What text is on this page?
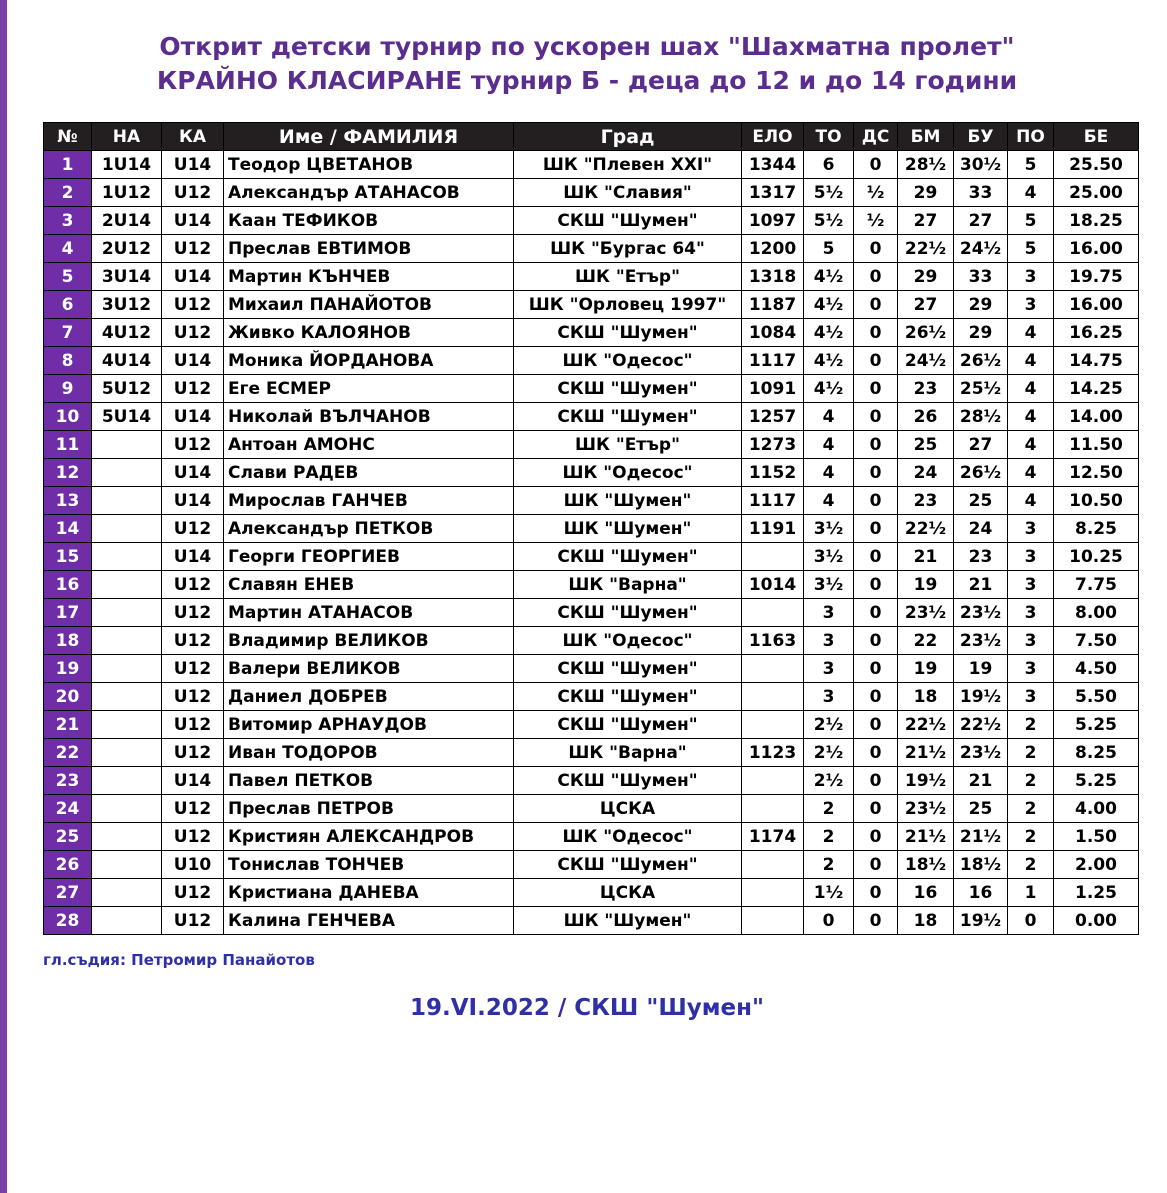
Открит детски турнир по ускорен шах "Шахматна пролет"
КРАЙНО КЛАСИРАНЕ турнир Б - деца до 12 и до 14 години
№	НА	КА	Име / ФАМИЛИЯ	Град	ЕЛО	ТО	ДС	БМ	БУ	ПО	БЕ
1	1U14	U14	Теодор ЦВЕТАНОВ	ШК "Плевен XXI"	1344	6	0	28½	30½	5	25.50
2	1U12	U12	Александър АТАНАСОВ	ШК "Славия"	1317	5½	½	29	33	4	25.00
3	2U14	U14	Каан ТЕФИКОВ	СКШ "Шумен"	1097	5½	½	27	27	5	18.25
4	2U12	U12	Преслав ЕВТИМОВ	ШК "Бургас 64"	1200	5	0	22½	24½	5	16.00
5	3U14	U14	Мартин КЪНЧЕВ	ШК "Етър"	1318	4½	0	29	33	3	19.75
6	3U12	U12	Михаил ПАНАЙОТОВ	ШК "Орловец 1997"	1187	4½	0	27	29	3	16.00
7	4U12	U12	Живко КАЛОЯНОВ	СКШ "Шумен"	1084	4½	0	26½	29	4	16.25
8	4U14	U14	Моника ЙОРДАНОВА	ШК "Одесос"	1117	4½	0	24½	26½	4	14.75
9	5U12	U12	Еге ЕСМЕР	СКШ "Шумен"	1091	4½	0	23	25½	4	14.25
10	5U14	U14	Николай ВЪЛЧАНОВ	СКШ "Шумен"	1257	4	0	26	28½	4	14.00
11		U12	Антоан АМОНС	ШК "Етър"	1273	4	0	25	27	4	11.50
12		U14	Слави РАДЕВ	ШК "Одесос"	1152	4	0	24	26½	4	12.50
13		U14	Мирослав ГАНЧЕВ	ШК "Шумен"	1117	4	0	23	25	4	10.50
14		U12	Александър ПЕТКОВ	ШК "Шумен"	1191	3½	0	22½	24	3	8.25
15		U14	Георги ГЕОРГИЕВ	СКШ "Шумен"		3½	0	21	23	3	10.25
16		U12	Славян ЕНЕВ	ШК "Варна"	1014	3½	0	19	21	3	7.75
17		U12	Мартин АТАНАСОВ	СКШ "Шумен"		3	0	23½	23½	3	8.00
18		U12	Владимир ВЕЛИКОВ	ШК "Одесос"	1163	3	0	22	23½	3	7.50
19		U12	Валери ВЕЛИКОВ	СКШ "Шумен"		3	0	19	19	3	4.50
20		U12	Даниел ДОБРЕВ	СКШ "Шумен"		3	0	18	19½	3	5.50
21		U12	Витомир АРНАУДОВ	СКШ "Шумен"		2½	0	22½	22½	2	5.25
22		U12	Иван ТОДОРОВ	ШК "Варна"	1123	2½	0	21½	23½	2	8.25
23		U14	Павел ПЕТКОВ	СКШ "Шумен"		2½	0	19½	21	2	5.25
24		U12	Преслав ПЕТРОВ	ЦСКА		2	0	23½	25	2	4.00
25		U12	Кристиян АЛЕКСАНДРОВ	ШК "Одесос"	1174	2	0	21½	21½	2	1.50
26		U10	Тонислав ТОНЧЕВ	СКШ "Шумен"		2	0	18½	18½	2	2.00
27		U12	Кристиана ДАНЕВА	ЦСКА		1½	0	16	16	1	1.25
28		U12	Калина ГЕНЧЕВА	ШК "Шумен"		0	0	18	19½	0	0.00
гл.съдия: Петромир Панайотов
19.VI.2022 / СКШ "Шумен"
